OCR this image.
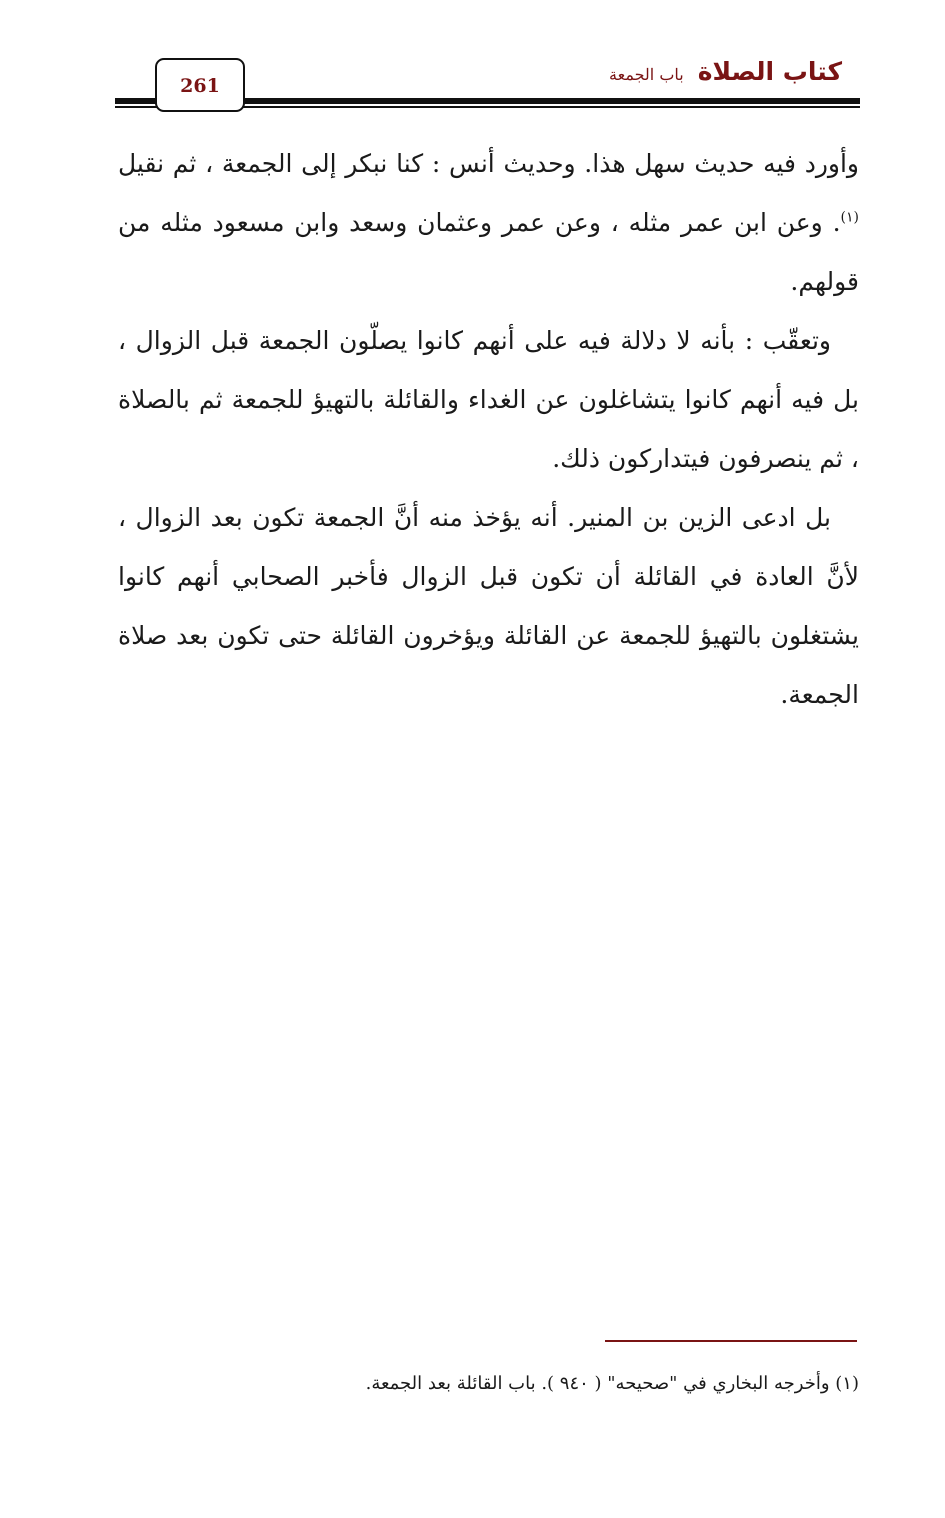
كتاب الصلاةباب الجمعة
261

وأورد فيه حديث سهل هذا. وحديث أنس : كنا نبكر إلى الجمعة ، ثم نقيل $^{(١)}$. وعن ابن عمر مثله ، وعن عمر وعثمان وسعد وابن مسعود مثله من قولهم.

وتعقّب : بأنه لا دلالة فيه على أنهم كانوا يصلّون الجمعة قبل الزوال ، بل فيه أنهم كانوا يتشاغلون عن الغداء والقائلة بالتهيؤ للجمعة ثم بالصلاة ، ثم ينصرفون فيتداركون ذلك.

بل ادعى الزين بن المنير. أنه يؤخذ منه أنَّ الجمعة تكون بعد الزوال ، لأنَّ العادة في القائلة أن تكون قبل الزوال فأخبر الصحابي أنهم كانوا يشتغلون بالتهيؤ للجمعة عن القائلة ويؤخرون القائلة حتى تكون بعد صلاة الجمعة.

(١) وأخرجه البخاري في "صحيحه" ( ٩٤٠ ). باب القائلة بعد الجمعة.
